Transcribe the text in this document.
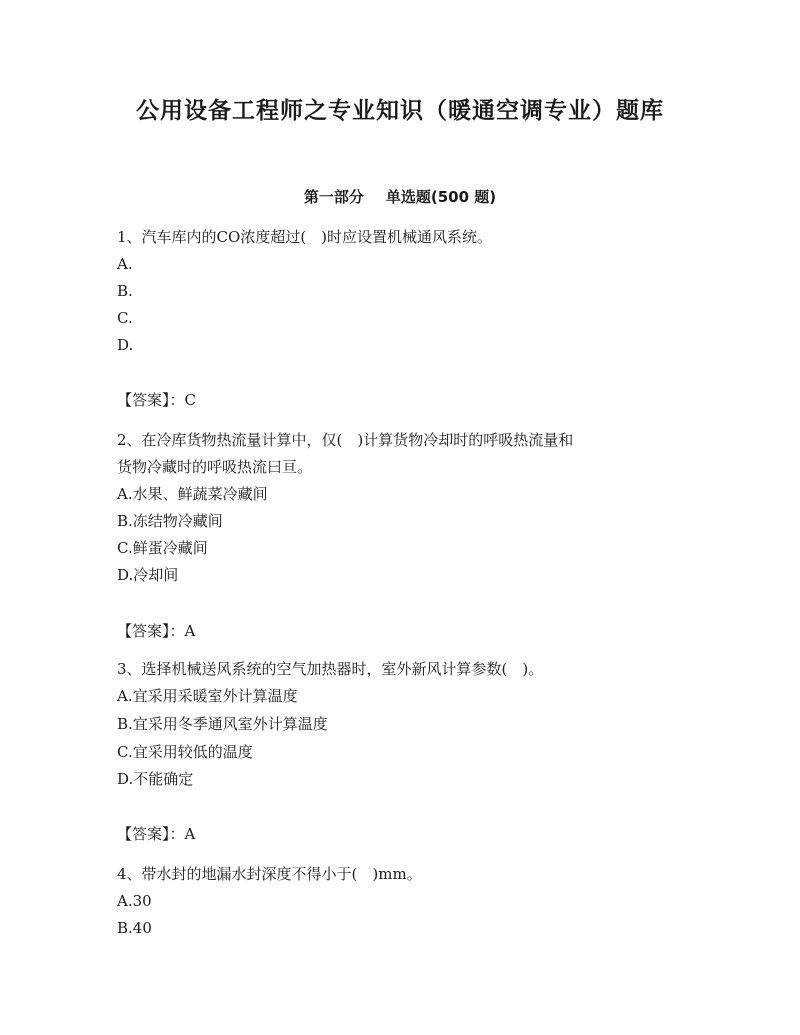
公用设备工程师之专业知识（暖通空调专业）题库
第一部分 单选题(500 题)
1、汽车库内的CO浓度超过(　)时应设置机械通风系统。
A.
B.
C.
D.
【答案】：C
2、在冷库货物热流量计算中，仅(　)计算货物冷却时的呼吸热流量和
货物冷藏时的呼吸热流曰亘。
A.水果、鲜蔬菜冷藏间
B.冻结物冷藏间
C.鲜蛋冷藏间
D.冷却间
【答案】：A
3、选择机械送风系统的空气加热器时，室外新风计算参数(　)。
A.宜采用采暖室外计算温度
B.宜采用冬季通风室外计算温度
C.宜采用较低的温度
D.不能确定
【答案】：A
4、带水封的地漏水封深度不得小于(　)mm。
A.30
B.40
